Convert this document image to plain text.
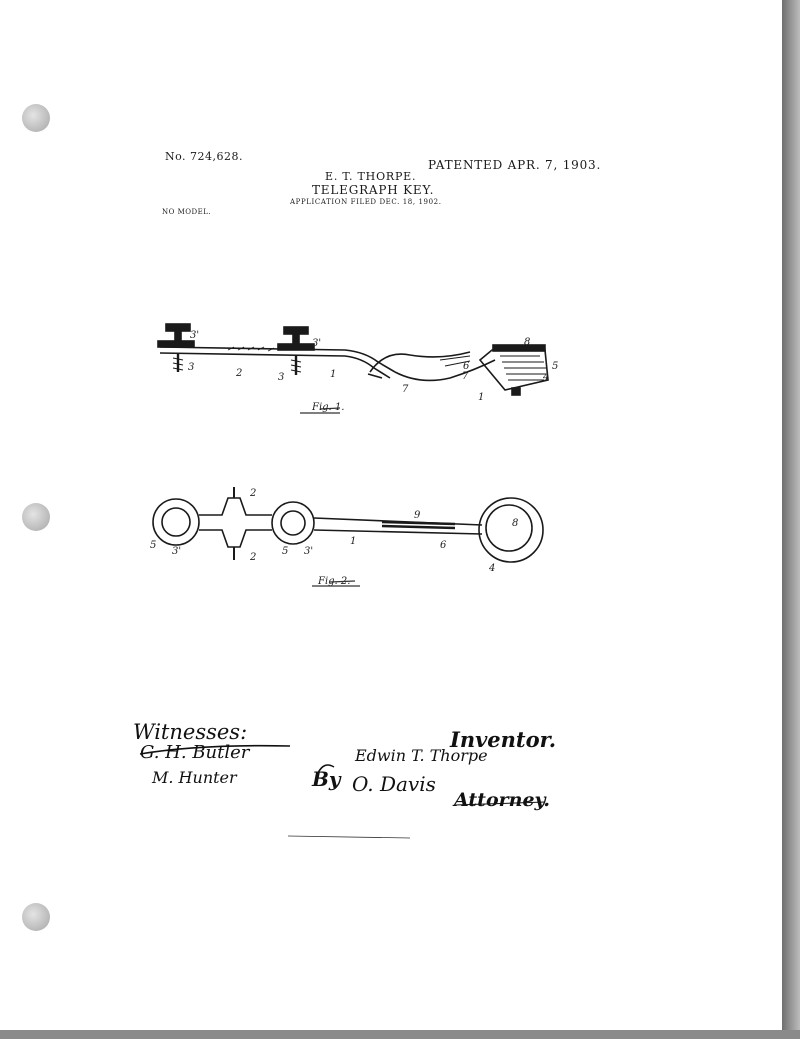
No. 724,628.
PATENTED APR. 7, 1903.
E. T. THORPE.
TELEGRAPH KEY.
APPLICATION FILED DEC. 18, 1902.
NO MODEL.
Fig. 1.
Fig. 2.
3'
3
2
3'
3	1
7
6
7
1
8
5
4
2
2
5
3'	5 3'
1
9
6
8
4
Witnesses:
G. H. Butler
M. Hunter
Inventor.
Edwin T. Thorpe
By O. Davis
Attorney.
